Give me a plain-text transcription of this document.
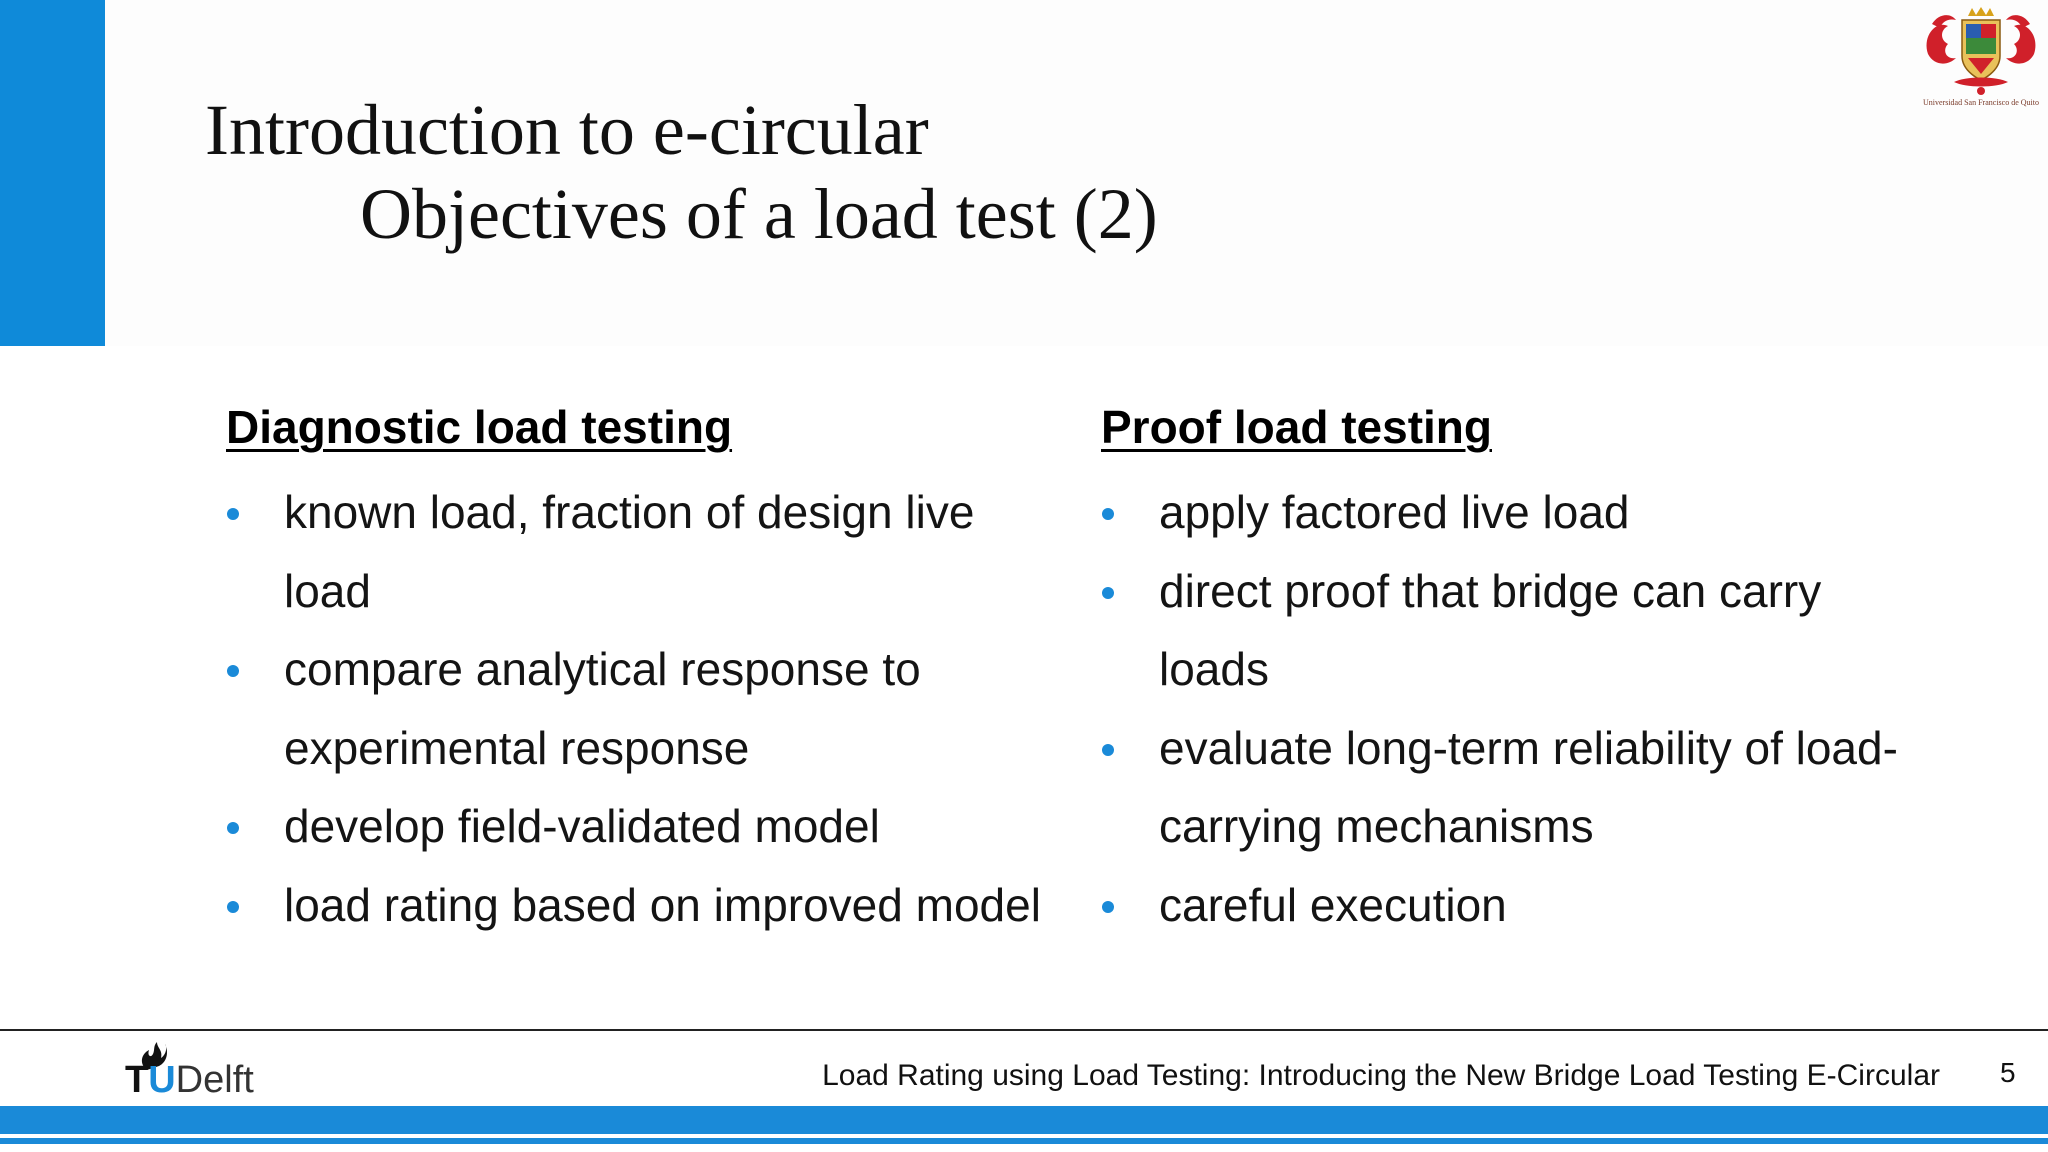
Introduction to e-circular
Objectives of a load test (2)
Universidad San Francisco de Quito
Diagnostic load testing
known load, fraction of design live load
compare analytical response to experimental response
develop field-validated model
load rating based on improved model
Proof load testing
apply factored live load
direct proof that bridge can carry loads
evaluate long-term reliability of load-carrying mechanisms
careful execution
TUDelft	Load Rating using Load Testing: Introducing the New Bridge Load Testing E-Circular 5
